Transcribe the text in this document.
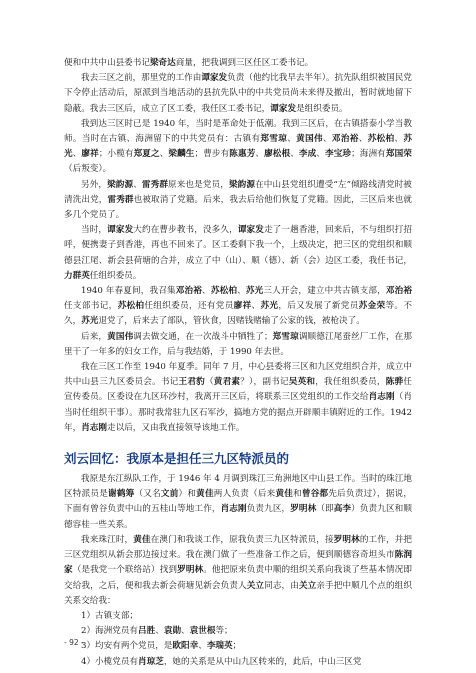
便和中共中山县委书记梁奇达商量，把我调到三区任区工委书记。

我去三区之前，那里党的工作由谭家发负责（他约比我早去半年）。抗先队组织被国民党下令停止活动后，原派到当地活动的县抗先队中的中共党员尚未来得及撤出，暂时就地留下隐蔽。我去三区后，成立了区工委，我任区工委书记，谭家发是组织委员。

我到达三区时已是 1940 年，当时是革命处于低潮。我到三区后，在古镇搭泰小学当教师。当时在古镇、海洲留下的中共党员有：古镇有郑雪琼、黄国伟、邓治裕、苏松柏、苏光、廖祥；小榄有郑夏之、梁麟生；曹步有陈惠芳、廖松根、李成、李宝珍；海洲有郑国荣（后叛变）。

另外，梁韵源、雷秀群原来也是党员，梁韵源在中山县党组织遭受“左”倾路线清党时被清洗出党，雷秀群也被取消了党籍。后来，我去后给他们恢复了党籍。因此，三区后来也就多几个党员了。

当时，谭家发大约在曹步教书，没多久，谭家发走了一趟香港，回来后，不与组织打招呼，便携妻子到香港，再也不回来了。区工委剩下我一个，上级决定，把三区的党组织和顺德县江尾、新会县荷塘的合并，成立了中（山）、顺（德）、新（会）边区工委，我任书记，力群英任组织委员。

1940 年春夏间，我召集邓治裕、苏松柏、苏光三人开会，建立中共古镇支部，邓治裕任支部书记，苏松柏任组织委员，还有党员廖祥、苏光，后又发展了新党员苏金荣等。不久，苏光退党了，后来去了部队，管伙食，因赌钱赌输了公家的钱，被枪决了。

后来，黄国伟调去做交通，在一次战斗中牺牲了；郑雪琼调顺德江尾蚕丝厂工作，在那里干了一年多的妇女工作，后与我结婚，于 1990 年去世。

我在三区工作至 1940 年夏季。同年 7 月，中心县委将三区和九区党组织合并，成立中共中山县三九区委员会。书记王君豹（黄君素？），副书记吴英和，我任组织委员，陈骅任宣传委员。区委设在九区环沙村，我离开三区后，将联系三区党组织的工作交给肖志刚（肖当时任组织干事）。那时我常驻九区石军沙，搞地方党的据点开辟顺丰镇附近的工作。1942 年，肖志刚走以后，又由我直接领导该地工作。

刘云回忆：我原本是担任三九区特派员的

我原是东江纵队工作，于 1946 年 4 月调到珠江三角洲地区中山县工作。当时的珠江地区特派员是谢鹤筹（又名文前）和黄佳两人负责（后来黄佳和曾谷都先后负责过），据说，下面有曾谷负责中山的五桂山等地工作，肖志刚负责九区，罗明林（即高李）负责九区和顺德容桂一些关系。

我来珠江时，黄佳在澳门和我谈工作，原我负责三九区特派员，接罗明林的工作，并把三区党组织从新会那边接过来。我在澳门做了一些准备工作之后，便到顺德容奇坦头市陈润家（是我党一个联络站）找到罗明林。他把原来负责中顺的组织关系向我谈了些基本情况即交给我，之后，便和我去新会荷塘见新会负责人关立同志，由关立亲手把中顺几个点的组织关系交给我：

1）古镇支部；

2）海洲党员有吕胜、袁勋、袁世根等；

3）均安有两个党员，是欧阳幸、李瑞英；

4）小榄党员有肖琼芝，她的关系是从中山九区转来的，此后，中山三区党

- 92 -
